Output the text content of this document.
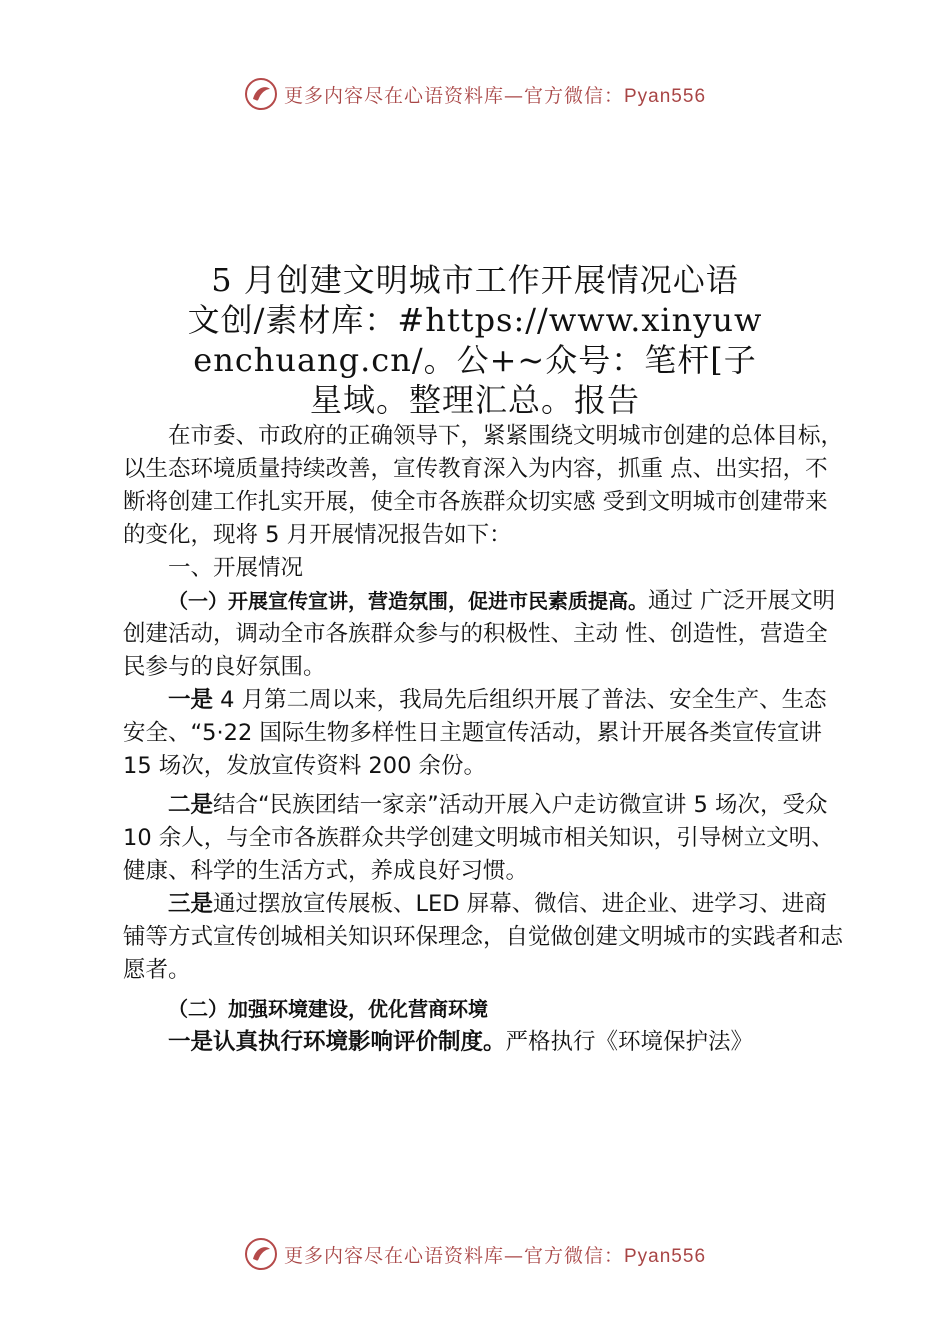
更多内容尽在心语资料库—官方微信：Pyan556
5 月创建文明城市工作开展情况心语
文创/素材库：#https://www.xinyuw
enchuang.cn/。公+~众号：笔杆[子
星域。整理汇总。报告

在市委、市政府的正确领导下，紧紧围绕文明城市创建的总体目标，以生态环境质量持续改善，宣传教育深入为内容，抓重 点、出实招，不断将创建工作扎实开展，使全市各族群众切实感 受到文明城市创建带来的变化，现将 5 月开展情况报告如下：

一、开展情况

（一）开展宣传宣讲，营造氛围，促进市民素质提高。通过 广泛开展文明创建活动，调动全市各族群众参与的积极性、主动 性、创造性，营造全民参与的良好氛围。

一是 4 月第二周以来，我局先后组织开展了普法、安全生产、生态安全、“5·22 国际生物多样性日主题宣传活动，累计开展各类宣传宣讲 15 场次，发放宣传资料 200 余份。

二是结合“民族团结一家亲”活动开展入户走访微宣讲 5 场次，受众 10 余人，与全市各族群众共学创建文明城市相关知识，引导树立文明、健康、科学的生活方式，养成良好习惯。

三是通过摆放宣传展板、LED 屏幕、微信、进企业、进学习、进商铺等方式宣传创城相关知识环保理念，自觉做创建文明城市的实践者和志愿者。

（二）加强环境建设，优化营商环境

一是认真执行环境影响评价制度。严格执行《环境保护法》

更多内容尽在心语资料库—官方微信：Pyan556
